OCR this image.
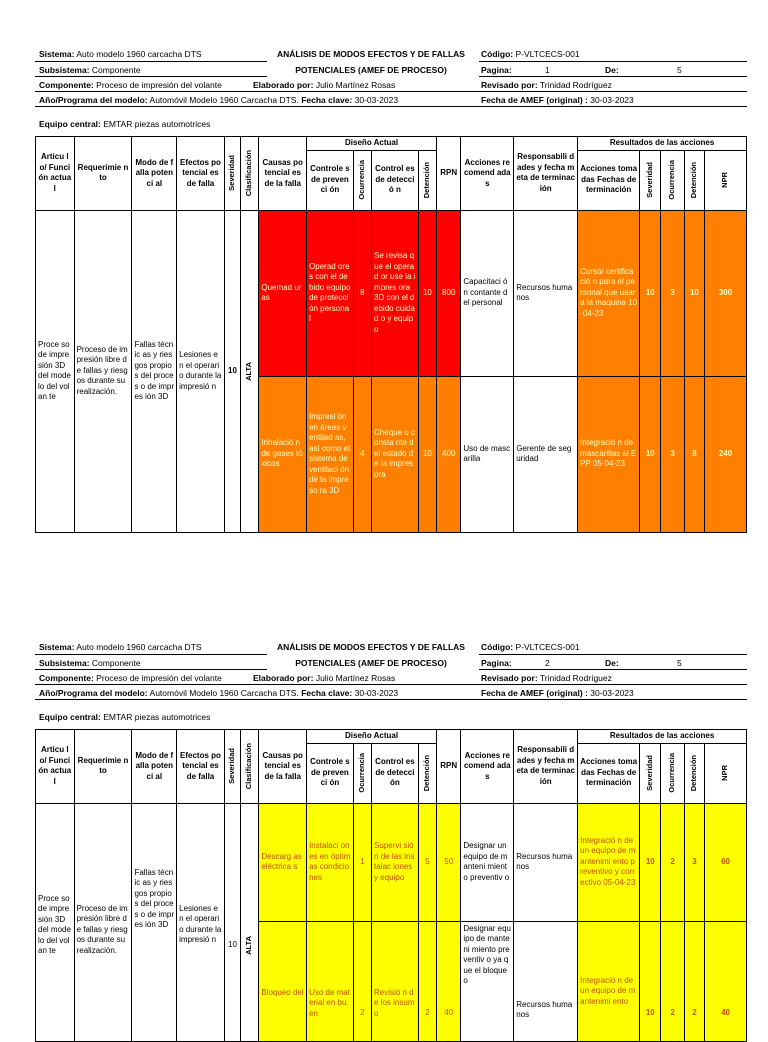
Sistema: Auto modelo 1960 carcacha DTS	ANÁLISIS DE MODOS EFECTOS Y DE FALLAS	Código: P-VLTCECS-001
Subsistema: Componente	POTENCIALES (AMEF DE PROCESO)	Pagina:	1	De:	5
Componente: Proceso de impresión del volante	Elaborado por: Julio Martínez Rosas	Revisado por: Trinidad Rodríguez
Año/Programa del modelo: Automóvil Modelo 1960 Carcacha DTS. Fecha clave: 30-03-2023	Fecha de AMEF (original) : 30-03-2023
Equipo central: EMTAR piezas automotrices
Articu lo/ Funci ón actual	Requerimie nto	Modo de falla potenci al	Efectos potencial es de falla	Severidad	Clasificación	Causas potencial es de la falla	Diseño Actual				RPN	Acciones recomend adas	Responsabili dades y fecha meta de terminación	Resultados de las acciones				
							Controle s de prevenci ón	Ocurrencia	Control es de detecció n	Detención				Acciones tomadas Fechas de terminación	Severidad	Ocurrencia	Detención	NPR

Proce so de impre sión 3D del mode lo del volan te	Proceso de impresión libre de fallas y riesgos durante su realización.	Fallas técnic as y riesgos propio s del proces o de impres ión 3D	Lesiones en el operario durante la impresió n	10	ALTA	Quemad uras	Operad ores con el debido equipo de protecci ón persona l	8	Se revisa que el operad or use la impres ora 3D con el debido cuidad o y equipo	10	800	Capacitaci ón contante del personal	Recursos humanos	Curso/ certificació n para el personal que usara la maquina 10-04-23	10	3	10	300
						Inhalació n de gases tóxicos	Impresi ón en áreas ventilad as, así como el sistema de ventilaci ón de la impreso ra 3D	4	Cheque o consta nte del estado de la impres ora	10	400	Uso de mascarilla	Gerente de seguridad	Integració n de mascarillas al EPP 05-04-23	10	3	8	240
Sistema: Auto modelo 1960 carcacha DTS	ANÁLISIS DE MODOS EFECTOS Y DE FALLAS	Código: P-VLTCECS-001
Subsistema: Componente	POTENCIALES (AMEF DE PROCESO)	Pagina:	2	De:	5
Componente: Proceso de impresión del volante	Elaborado por: Julio Martínez Rosas	Revisado por: Trinidad Rodríguez
Año/Programa del modelo: Automóvil Modelo 1960 Carcacha DTS. Fecha clave: 30-03-2023	Fecha de AMEF (original) : 30-03-2023
Equipo central: EMTAR piezas automotrices
Articu lo/ Funci ón actual	Requerimie nto	Modo de falla potenci al	Efectos potencial es de falla	Severidad	Clasificación	Causas potencial es de la falla	Diseño Actual				RPN	Acciones recomend adas	Responsabili dades y fecha meta de terminación	Resultados de las acciones				
							Controle s de prevenci ón	Ocurrencia	Control es de detecci ón	Detención				Acciones tomadas Fechas de terminación	Severidad	Ocurrencia	Detención	NPR

Proce so de impre sión 3D del mode lo del volan te	Proceso de impresión libre de fallas y riesgos durante su realización.	Fallas técnic as y riesgos propio s del proces o de impres ión 3D	Lesiones en el operario durante la impresió n	10	ALTA	Descarg as eléctrica s	Instalaci ones en óptimas condicio nes	1	Supervi sión de las instalac iones y equipo	5	50	Designar un equipo de manteni miento preventiv o	Recursos humanos	Integració n de un equipo de mantenimi ento preventivo y correctivo 05-04-23	10	2	3	60
						Bloqueo del	Uso de material en buen	2	Revisió n de los insumo	2	40	Designar equipo de manteni miento preventiv o ya que el bloqueo	Recursos humanos	Integració n de un equipo de mantenimi ento	10	2	2	40
